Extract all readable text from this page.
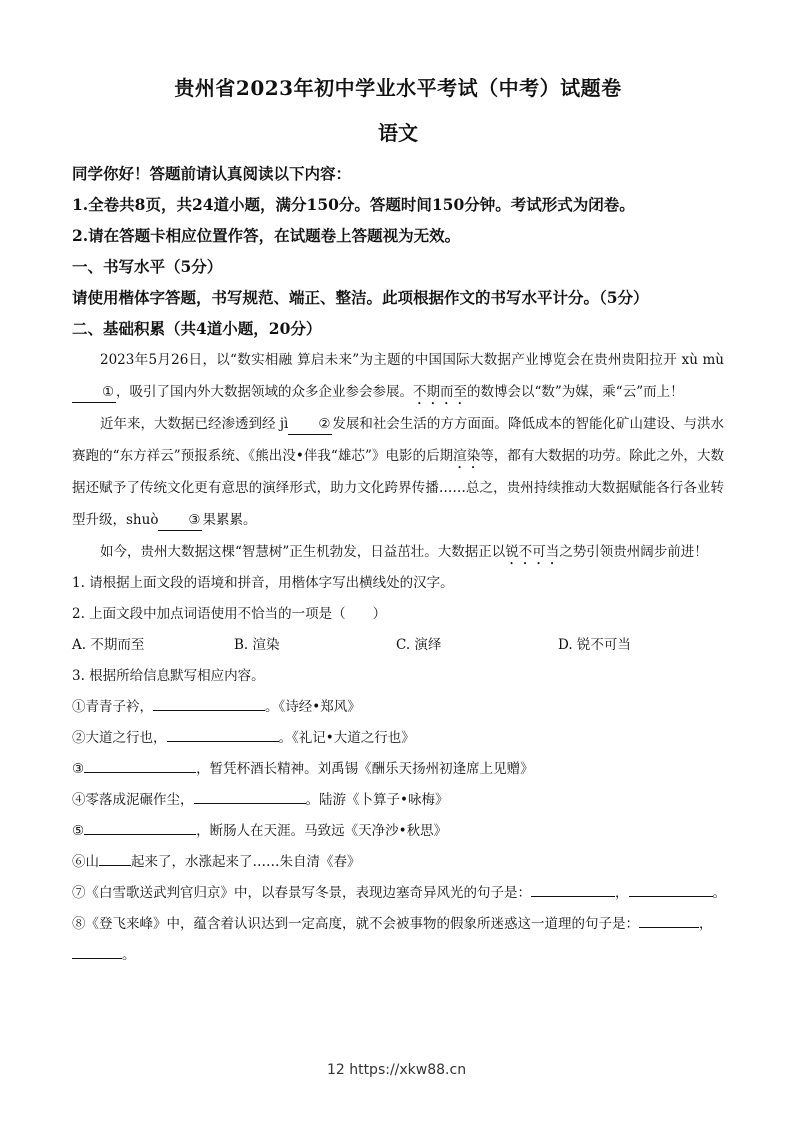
贵州省2023年初中学业水平考试（中考）试题卷
语文
同学你好！答题前请认真阅读以下内容：
1.全卷共8页，共24道小题，满分150分。答题时间150分钟。考试形式为闭卷。
2.请在答题卡相应位置作答，在试题卷上答题视为无效。
一、书写水平（5分）
请使用楷体字答题，书写规范、端正、整洁。此项根据作文的书写水平计分。（5分）
二、基础积累（共4道小题，20分）
2023年5月26日，以“数实相融 算启未来”为主题的中国国际大数据产业博览会在贵州贵阳拉开 xù mù① ，吸引了国内外大数据领域的众多企业参会参展。不期而至的数博会以“数”为媒，乘“云”而上！
近年来，大数据已经渗透到经 jì ② 发展和社会生活的方方面面。降低成本的智能化矿山建设、与洪水赛跑的“东方祥云”预报系统、《熊出没•伴我“雄芯”》电影的后期渲染等，都有大数据的功劳。除此之外，大数据还赋予了传统文化更有意思的演绎形式，助力文化跨界传播……总之，贵州持续推动大数据赋能各行各业转型升级，shuò ③ 果累累。
如今，贵州大数据这棵“智慧树”正生机勃发，日益茁壮。大数据正以锐不可当之势引领贵州阔步前进！
1. 请根据上面文段的语境和拼音，用楷体字写出横线处的汉字。
2. 上面文段中加点词语使用不恰当的一项是（　　）
A. 不期而至	B. 渲染	C. 演绎	D. 锐不可当
3. 根据所给信息默写相应内容。
①青青子衿，	。《诗经•郑风》
②大道之行也，	。《礼记•大道之行也》
③	，暂凭杯酒长精神。刘禹锡《酬乐天扬州初逢席上见赠》
④零落成泥碾作尘，	。陆游《卜算子•咏梅》
⑤	，断肠人在天涯。马致远《天净沙•秋思》
⑥山 起来了，水涨起来了……朱自清《春》
⑦《白雪歌送武判官归京》中，以春景写冬景，表现边塞奇异风光的句子是：	，	。
⑧《登飞来峰》中，蕴含着认识达到一定高度，就不会被事物的假象所迷惑这一道理的句子是：	，
。
12 https://xkw88.cn
